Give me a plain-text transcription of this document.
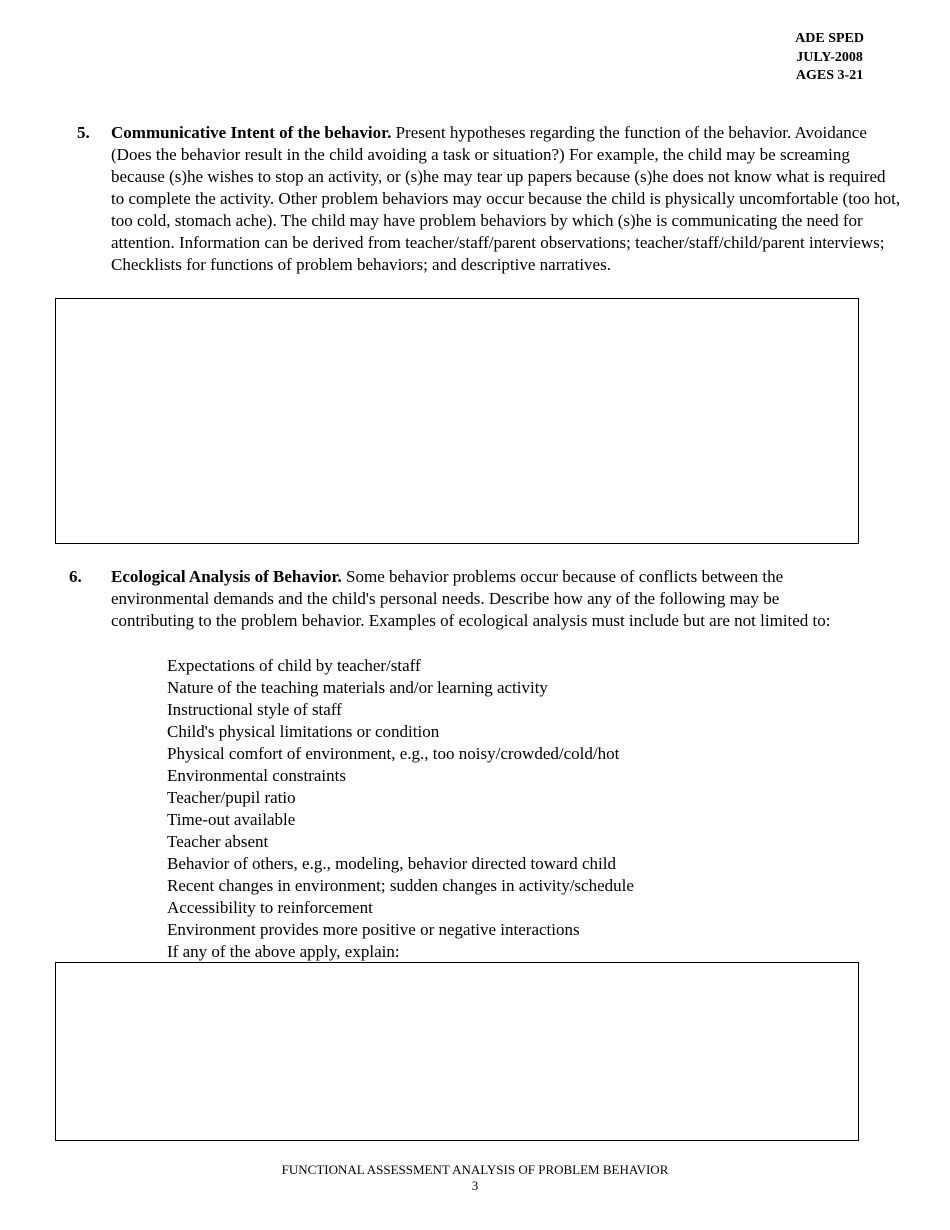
ADE SPED
JULY-2008
AGES 3-21
5. Communicative Intent of the behavior. Present hypotheses regarding the function of the behavior. Avoidance (Does the behavior result in the child avoiding a task or situation?) For example, the child may be screaming because (s)he wishes to stop an activity, or (s)he may tear up papers because (s)he does not know what is required to complete the activity. Other problem behaviors may occur because the child is physically uncomfortable (too hot, too cold, stomach ache). The child may have problem behaviors by which (s)he is communicating the need for attention. Information can be derived from teacher/staff/parent observations; teacher/staff/child/parent interviews; Checklists for functions of problem behaviors; and descriptive narratives.
6. Ecological Analysis of Behavior. Some behavior problems occur because of conflicts between the environmental demands and the child's personal needs. Describe how any of the following may be contributing to the problem behavior. Examples of ecological analysis must include but are not limited to:
Expectations of child by teacher/staff
Nature of the teaching materials and/or learning activity
Instructional style of staff
Child's physical limitations or condition
Physical comfort of environment, e.g., too noisy/crowded/cold/hot
Environmental constraints
Teacher/pupil ratio
Time-out available
Teacher absent
Behavior of others, e.g., modeling, behavior directed toward child
Recent changes in environment; sudden changes in activity/schedule
Accessibility to reinforcement
Environment provides more positive or negative interactions
If any of the above apply, explain:
FUNCTIONAL ASSESSMENT ANALYSIS OF PROBLEM BEHAVIOR
3
